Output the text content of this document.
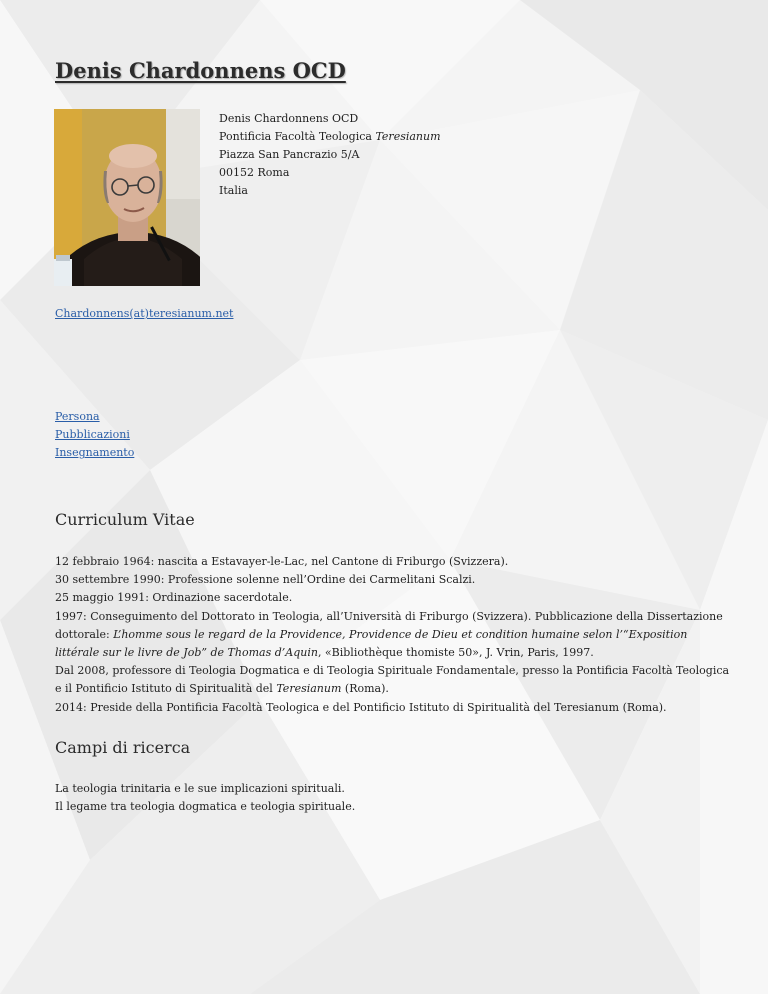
Denis Chardonnens OCD
Denis Chardonnens OCD
Pontificia Facoltà Teologica Teresianum
Piazza San Pancrazio 5/A
00152 Roma
Italia
Chardonnens(at)teresianum.net
Persona
Pubblicazioni
Insegnamento
Curriculum Vitae

12 febbraio 1964: nascita a Estavayer-le-Lac, nel Cantone di Friburgo (Svizzera).

30 settembre 1990: Professione solenne nell’Ordine dei Carmelitani Scalzi.

25 maggio 1991: Ordinazione sacerdotale.

1997: Conseguimento del Dottorato in Teologia, all’Università di Friburgo (Svizzera). Pubblicazione della Dissertazione dottorale: L’homme sous le regard de la Providence, Providence de Dieu et condition humaine selon l’“Exposition littérale sur le livre de Job” de Thomas d’Aquin, «Bibliothèque thomiste 50», J. Vrin, Paris, 1997.

Dal 2008, professore di Teologia Dogmatica e di Teologia Spirituale Fondamentale, presso la Pontificia Facoltà Teologica e il Pontificio Istituto di Spiritualità del Teresianum (Roma).

2014: Preside della Pontificia Facoltà Teologica e del Pontificio Istituto di Spiritualità del Teresianum (Roma).

Campi di ricerca

La teologia trinitaria e le sue implicazioni spirituali.

Il legame tra teologia dogmatica e teologia spirituale.
